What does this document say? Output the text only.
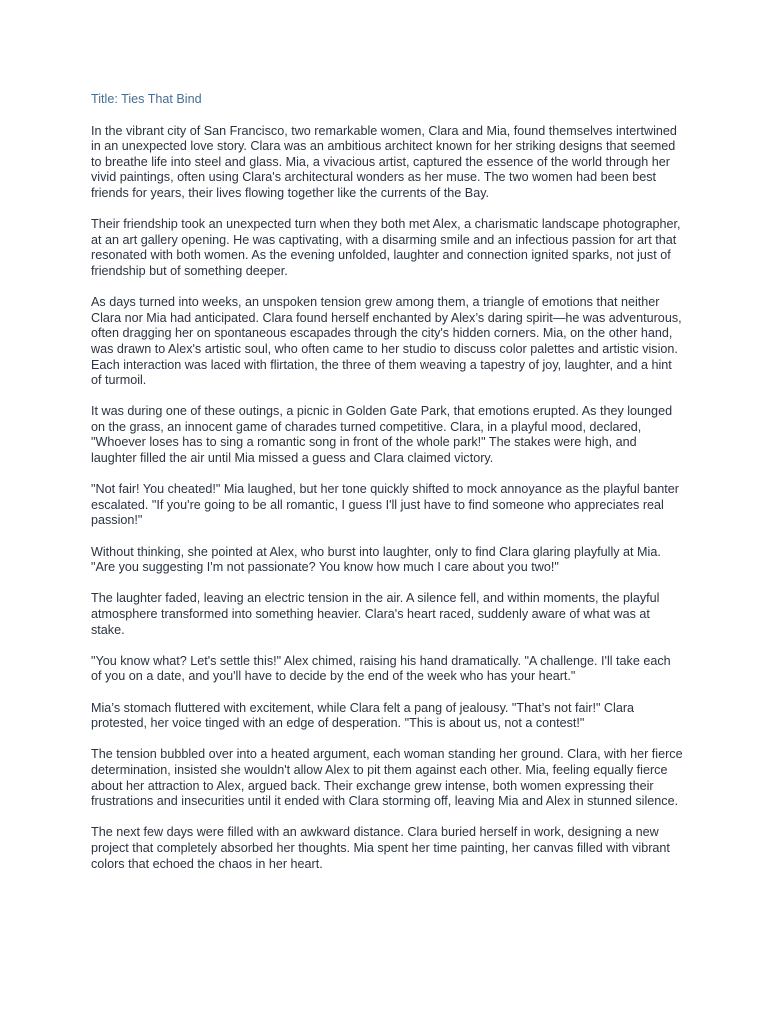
Title: Ties That Bind

In the vibrant city of San Francisco, two remarkable women, Clara and Mia, found themselves intertwined in an unexpected love story. Clara was an ambitious architect known for her striking designs that seemed to breathe life into steel and glass. Mia, a vivacious artist, captured the essence of the world through her vivid paintings, often using Clara's architectural wonders as her muse. The two women had been best friends for years, their lives flowing together like the currents of the Bay.

Their friendship took an unexpected turn when they both met Alex, a charismatic landscape photographer, at an art gallery opening. He was captivating, with a disarming smile and an infectious passion for art that resonated with both women. As the evening unfolded, laughter and connection ignited sparks, not just of friendship but of something deeper.

As days turned into weeks, an unspoken tension grew among them, a triangle of emotions that neither Clara nor Mia had anticipated. Clara found herself enchanted by Alex’s daring spirit—he was adventurous, often dragging her on spontaneous escapades through the city's hidden corners. Mia, on the other hand, was drawn to Alex's artistic soul, who often came to her studio to discuss color palettes and artistic vision. Each interaction was laced with flirtation, the three of them weaving a tapestry of joy, laughter, and a hint of turmoil.

It was during one of these outings, a picnic in Golden Gate Park, that emotions erupted. As they lounged on the grass, an innocent game of charades turned competitive. Clara, in a playful mood, declared, "Whoever loses has to sing a romantic song in front of the whole park!" The stakes were high, and laughter filled the air until Mia missed a guess and Clara claimed victory.

"Not fair! You cheated!" Mia laughed, but her tone quickly shifted to mock annoyance as the playful banter escalated. "If you're going to be all romantic, I guess I'll just have to find someone who appreciates real passion!"

Without thinking, she pointed at Alex, who burst into laughter, only to find Clara glaring playfully at Mia. "Are you suggesting I'm not passionate? You know how much I care about you two!"

The laughter faded, leaving an electric tension in the air. A silence fell, and within moments, the playful atmosphere transformed into something heavier. Clara's heart raced, suddenly aware of what was at stake.

"You know what? Let's settle this!" Alex chimed, raising his hand dramatically. "A challenge. I'll take each of you on a date, and you'll have to decide by the end of the week who has your heart."

Mia’s stomach fluttered with excitement, while Clara felt a pang of jealousy. "That’s not fair!" Clara protested, her voice tinged with an edge of desperation. "This is about us, not a contest!"

The tension bubbled over into a heated argument, each woman standing her ground. Clara, with her fierce determination, insisted she wouldn't allow Alex to pit them against each other. Mia, feeling equally fierce about her attraction to Alex, argued back. Their exchange grew intense, both women expressing their frustrations and insecurities until it ended with Clara storming off, leaving Mia and Alex in stunned silence.

The next few days were filled with an awkward distance. Clara buried herself in work, designing a new project that completely absorbed her thoughts. Mia spent her time painting, her canvas filled with vibrant colors that echoed the chaos in her heart.
